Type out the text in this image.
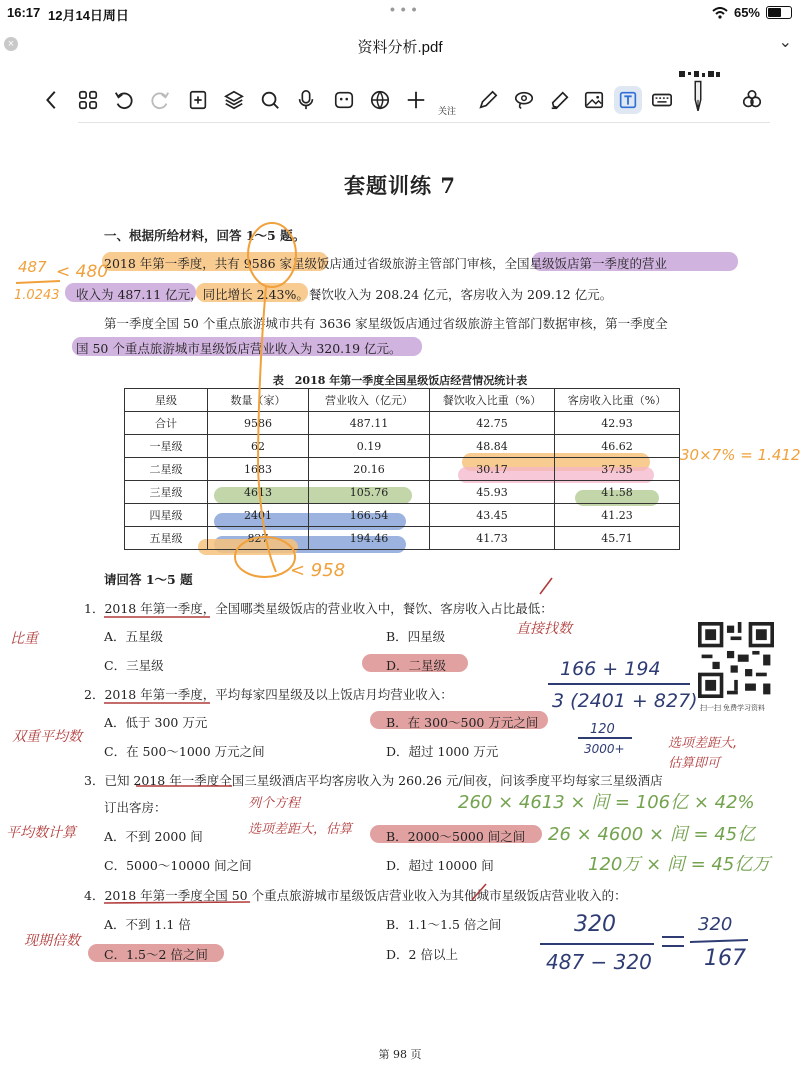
16:17 12月14日周日	• • •	65%
×	资料分析.pdf	⌄
关注
套题训练 7
一、根据所给材料，回答 1～5 题。
2018 年第一季度，共有 9586 家星级饭店通过省级旅游主管部门审核，全国星级饭店第一季度的营业
收入为 487.11 亿元，同比增长 2.43%。餐饮收入为 208.24 亿元，客房收入为 209.12 亿元。
第一季度全国 50 个重点旅游城市共有 3636 家星级饭店通过省级旅游主管部门数据审核，第一季度全
国 50 个重点旅游城市星级饭店营业收入为 320.19 亿元。
表　2018 年第一季度全国星级饭店经营情况统计表
星级	数量（家）	营业收入（亿元）	餐饮收入比重（%）	客房收入比重（%）
合计	9586	487.11	42.75	42.93
一星级	62	0.19	48.84	46.62
二星级	1683	20.16	30.17	37.35
三星级	4613	105.76	45.93	41.58
四星级	2401	166.54	43.45	41.23
五星级	827	194.46	41.73	45.71
扫一扫 免费学习资料
请回答 1～5 题
1．2018 年第一季度，全国哪类星级饭店的营业收入中，餐饮、客房收入占比最低：
A．五星级	B．四星级
C．三星级	D．二星级
2．2018 年第一季度，平均每家四星级及以上饭店月均营业收入：
A．低于 300 万元	B．在 300～500 万元之间
C．在 500～1000 万元之间	D．超过 1000 万元
3．已知 2018 年一季度全国三星级酒店平均客房收入为 260.26 元/间夜，问该季度平均每家三星级酒店
订出客房：
A．不到 2000 间	B．2000～5000 间之间
C．5000～10000 间之间	D．超过 10000 间
4．2018 年第一季度全国 50 个重点旅游城市星级饭店营业收入为其他城市星级饭店营业收入的：
A．不到 1.1 倍	B．1.1～1.5 倍之间
C．1.5～2 倍之间	D．2 倍以上
第 98 页
487
1.0243
< 480
< 958
30×7% = 1.412
比重
直接找数
双重平均数	选项差距大,
估算即可
列个方程
选项差距大，估算
平均数计算
现期倍数
166 + 194
3 (2401 + 827)
120
3000+
260 × 4613 × 间 = 106亿 × 42%
26 × 4600 × 间 = 45亿
120万 × 间 = 45亿万
320
487 − 320
320
167
